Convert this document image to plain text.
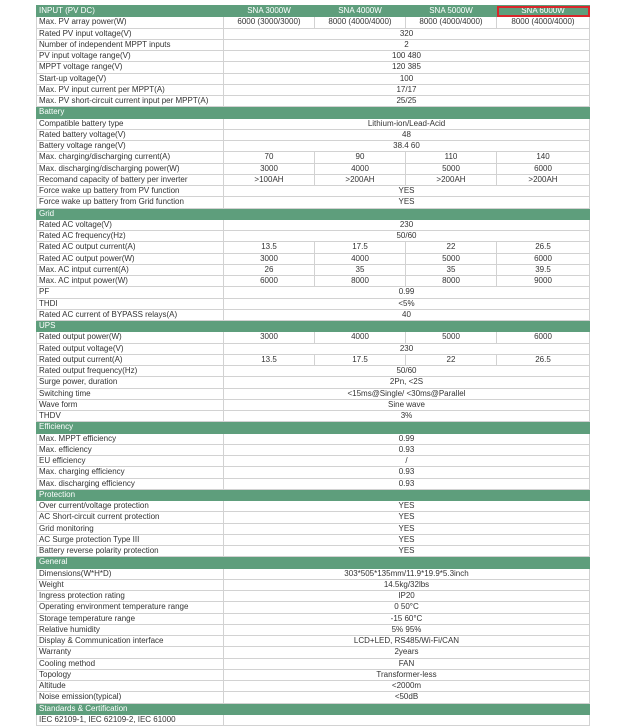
INPUT (PV DC)	SNA 3000W	SNA 4000W	SNA 5000W	SNA 6000W
Max. PV array power(W)	6000 (3000/3000)	8000 (4000/4000)	8000 (4000/4000)	8000 (4000/4000)
Rated PV input voltage(V)	320			
Number of independent MPPT inputs	2			
PV input voltage range(V)	100 480			
MPPT voltage range(V)	120 385			
Start-up voltage(V)	100			
Max. PV input current per MPPT(A)	17/17			
Max. PV short-circuit current input per MPPT(A)	25/25			
Battery				
Compatible battery type	Lithium-ion/Lead-Acid			
Rated battery voltage(V)	48			
Battery voltage range(V)	38.4 60			
Max. charging/discharging current(A)	70	90	110	140
Max. discharging/discharging power(W)	3000	4000	5000	6000
Recomand capacity of battery per inverter	>100AH	>200AH	>200AH	>200AH
Force wake up battery from PV function	YES			
Force wake up battery from Grid function	YES			
Grid				
Rated AC voltage(V)	230			
Rated AC frequency(Hz)	50/60			
Rated AC output current(A)	13.5	17.5	22	26.5
Rated AC output power(W)	3000	4000	5000	6000
Max. AC intput current(A)	26	35	35	39.5
Max. AC intput power(W)	6000	8000	8000	9000
PF	0.99			
THDI	<5%			
Rated AC current of BYPASS relays(A)	40			
UPS				
Rated output power(W)	3000	4000	5000	6000
Rated output voltage(V)	230			
Rated output current(A)	13.5	17.5	22	26.5
Rated output frequency(Hz)	50/60			
Surge power, duration	2Pn, <2S			
Switching time	<15ms@Single/ <30ms@Parallel			
Wave form	Sine wave			
THDV	3%			
Efficiency				
Max. MPPT efficiency	0.99			
Max. efficiency	0.93			
EU efficiency	/			
Max. charging efficiency	0.93			
Max. discharging efficiency	0.93			
Protection				
Over current/voltage protection	YES			
AC Short-circuit current protection	YES			
Grid monitoring	YES			
AC Surge protection Type III	YES			
Battery reverse polarity protection	YES			
General				
Dimensions(W*H*D)	303*505*135mm/11.9*19.9*5.3inch			
Weight	14.5kg/32lbs			
Ingress protection rating	IP20			
Operating environment temperature range	0 50°C			
Storage temperature range	-15 60°C			
Relative humidity	5% 95%			
Display & Communication interface	LCD+LED, RS485/Wi-Fi/CAN			
Warranty	2years			
Cooling method	FAN			
Topology	Transformer-less			
Altitude	<2000m			
Noise emission(typical)	<50dB			
Standards & Certification				
IEC 62109-1, IEC 62109-2, IEC 61000				
